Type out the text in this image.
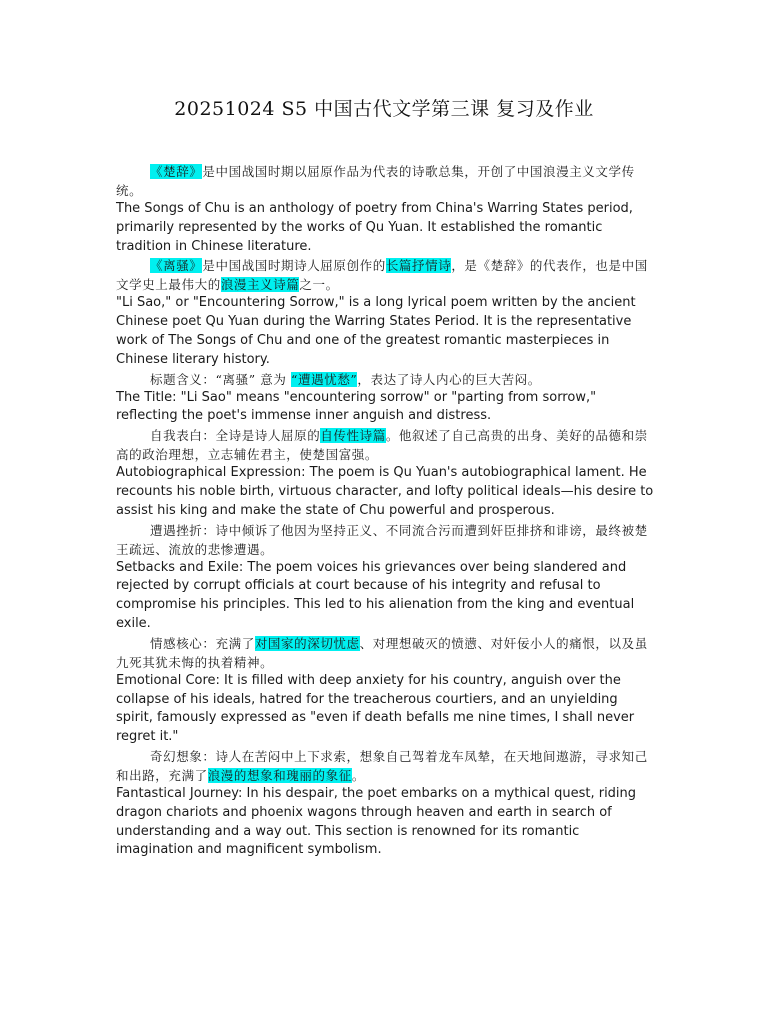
20251024 S5 中国古代文学第三课 复习及作业

《楚辞》是中国战国时期以屈原作品为代表的诗歌总集，开创了中国浪漫主义文学传统。

The Songs of Chu is an anthology of poetry from China's Warring States period, primarily represented by the works of Qu Yuan. It established the romantic tradition in Chinese literature.

《离骚》是中国战国时期诗人屈原创作的长篇抒情诗，是《楚辞》的代表作，也是中国文学史上最伟大的浪漫主义诗篇之一。

"Li Sao," or "Encountering Sorrow," is a long lyrical poem written by the ancient Chinese poet Qu Yuan during the Warring States Period. It is the representative work of The Songs of Chu and one of the greatest romantic masterpieces in Chinese literary history.

标题含义：“离骚” 意为 “遭遇忧愁”，表达了诗人内心的巨大苦闷。

The Title: "Li Sao" means "encountering sorrow" or "parting from sorrow," reflecting the poet's immense inner anguish and distress.

自我表白：全诗是诗人屈原的自传性诗篇。他叙述了自己高贵的出身、美好的品德和崇高的政治理想，立志辅佐君主，使楚国富强。

Autobiographical Expression: The poem is Qu Yuan's autobiographical lament. He recounts his noble birth, virtuous character, and lofty political ideals—his desire to assist his king and make the state of Chu powerful and prosperous.

遭遇挫折：诗中倾诉了他因为坚持正义、不同流合污而遭到奸臣排挤和诽谤，最终被楚王疏远、流放的悲惨遭遇。

Setbacks and Exile: The poem voices his grievances over being slandered and rejected by corrupt officials at court because of his integrity and refusal to compromise his principles. This led to his alienation from the king and eventual exile.

情感核心：充满了对国家的深切忧虑、对理想破灭的愤懑、对奸佞小人的痛恨，以及虽九死其犹未悔的执着精神。

Emotional Core: It is filled with deep anxiety for his country, anguish over the collapse of his ideals, hatred for the treacherous courtiers, and an unyielding spirit, famously expressed as "even if death befalls me nine times, I shall never regret it."

奇幻想象：诗人在苦闷中上下求索，想象自己驾着龙车凤辇，在天地间遨游，寻求知己和出路，充满了浪漫的想象和瑰丽的象征。

Fantastical Journey: In his despair, the poet embarks on a mythical quest, riding dragon chariots and phoenix wagons through heaven and earth in search of understanding and a way out. This section is renowned for its romantic imagination and magnificent symbolism.
